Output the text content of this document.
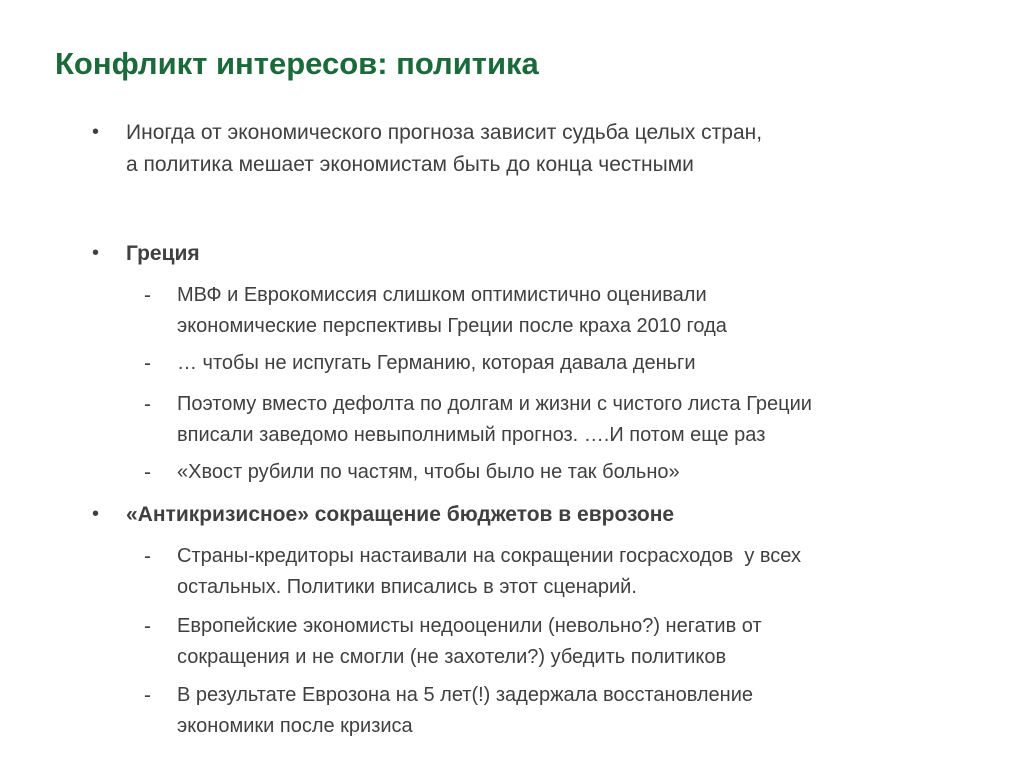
Конфликт интересов: политика
• Иногда от экономического прогноза зависит судьба целых стран,
а политика мешает экономистам быть до конца честными
• Греция
- МВФ и Еврокомиссия слишком оптимистично оценивали
экономические перспективы Греции после краха 2010 года
- … чтобы не испугать Германию, которая давала деньги
- Поэтому вместо дефолта по долгам и жизни с чистого листа Греции
вписали заведомо невыполнимый прогноз. ….И потом еще раз
- «Хвост рубили по частям, чтобы было не так больно»
• «Антикризисное» сокращение бюджетов в еврозоне
- Страны-кредиторы настаивали на сокращении госрасходов  у всех
остальных. Политики вписались в этот сценарий.
- Европейские экономисты недооценили (невольно?) негатив от
сокращения и не смогли (не захотели?) убедить политиков
- В результате Еврозона на 5 лет(!) задержала восстановление
экономики после кризиса
